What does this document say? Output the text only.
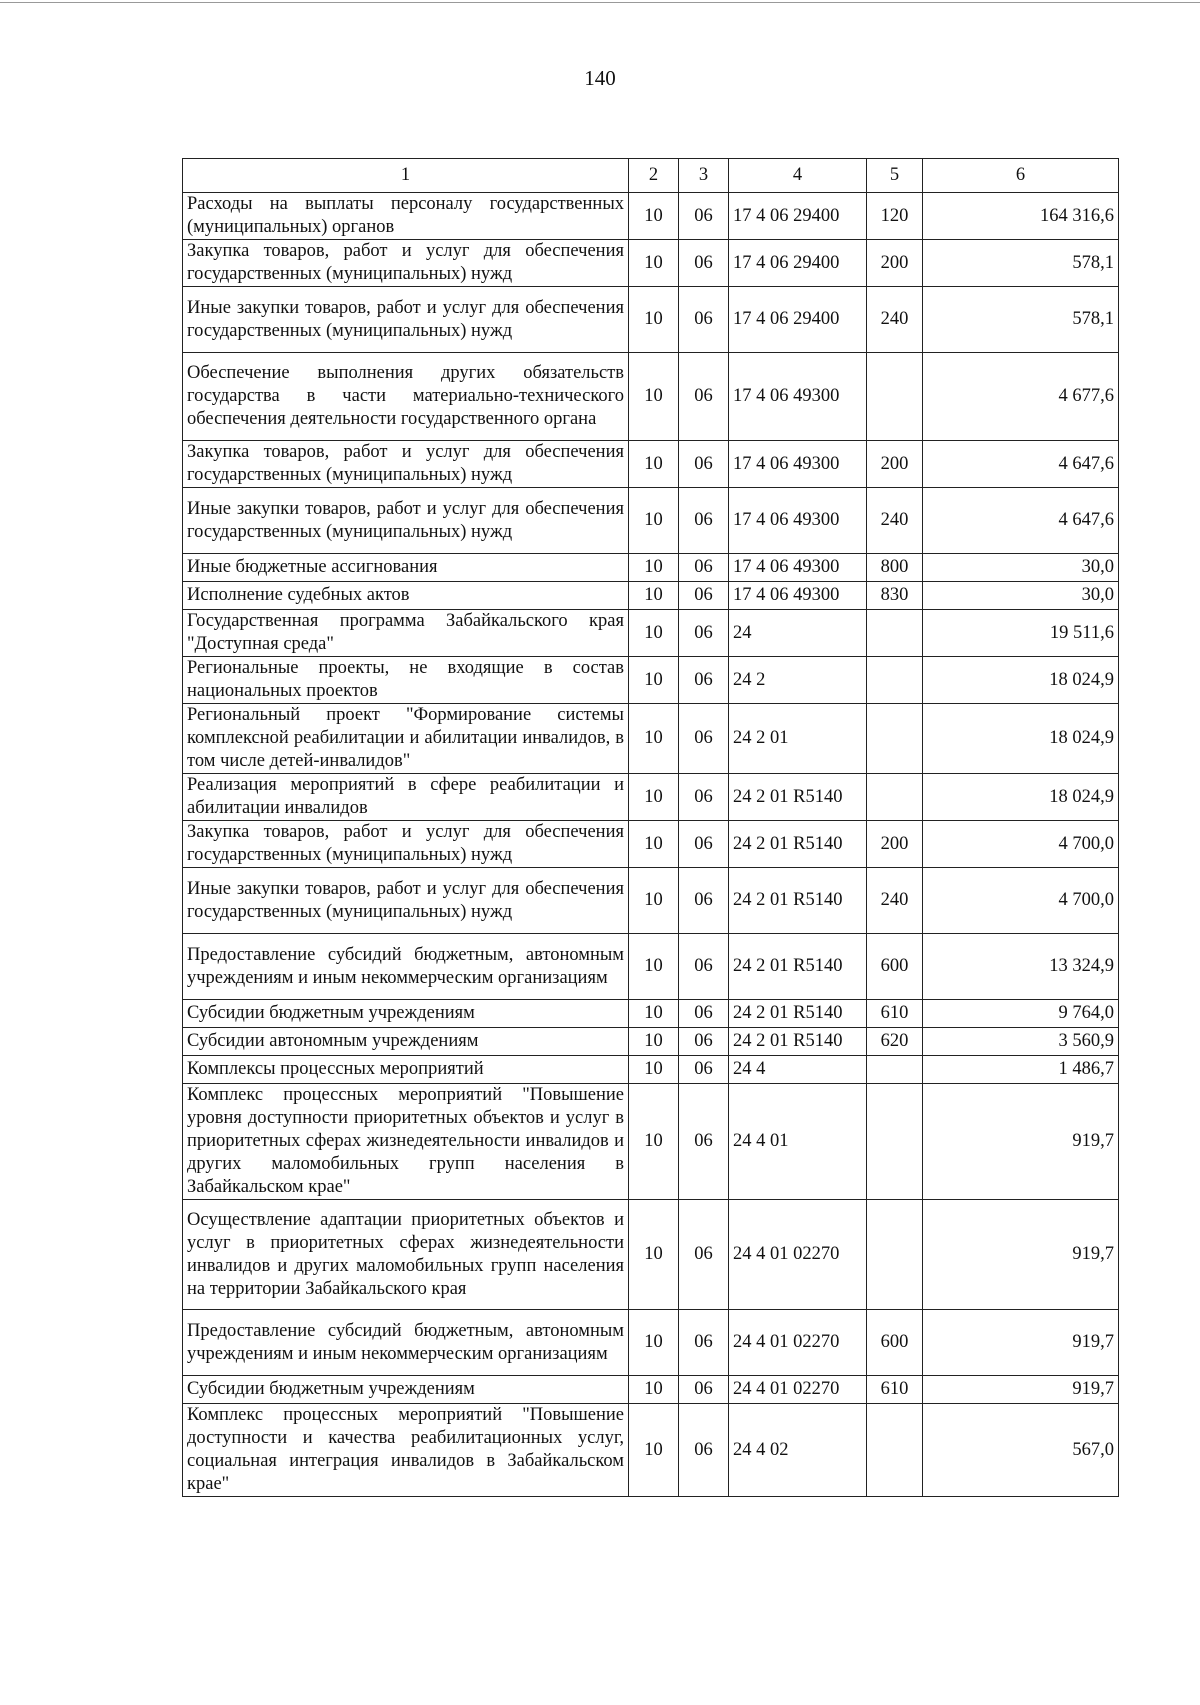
140
1	2	3	4	5	6
Расходы на выплаты персоналу государственных (муниципальных) органов	10	06	17 4 06 29400	120	164 316,6
Закупка товаров, работ и услуг для обеспечения государственных (муниципальных) нужд	10	06	17 4 06 29400	200	578,1
Иные закупки товаров, работ и услуг для обеспечения государственных (муниципальных) нужд	10	06	17 4 06 29400	240	578,1
Обеспечение выполнения других обязательств государства в части материально-технического обеспечения деятельности государственного органа	10	06	17 4 06 49300		4 677,6
Закупка товаров, работ и услуг для обеспечения государственных (муниципальных) нужд	10	06	17 4 06 49300	200	4 647,6
Иные закупки товаров, работ и услуг для обеспечения государственных (муниципальных) нужд	10	06	17 4 06 49300	240	4 647,6
Иные бюджетные ассигнования	10	06	17 4 06 49300	800	30,0
Исполнение судебных актов	10	06	17 4 06 49300	830	30,0
Государственная программа Забайкальского края "Доступная среда"	10	06	24		19 511,6
Региональные проекты, не входящие в состав национальных проектов	10	06	24 2		18 024,9
Региональный проект "Формирование системы комплексной реабилитации и абилитации инвалидов, в том числе детей-инвалидов"	10	06	24 2 01		18 024,9
Реализация мероприятий в сфере реабилитации и абилитации инвалидов	10	06	24 2 01 R5140		18 024,9
Закупка товаров, работ и услуг для обеспечения государственных (муниципальных) нужд	10	06	24 2 01 R5140	200	4 700,0
Иные закупки товаров, работ и услуг для обеспечения государственных (муниципальных) нужд	10	06	24 2 01 R5140	240	4 700,0
Предоставление субсидий бюджетным, автономным учреждениям и иным некоммерческим организациям	10	06	24 2 01 R5140	600	13 324,9
Субсидии бюджетным учреждениям	10	06	24 2 01 R5140	610	9 764,0
Субсидии автономным учреждениям	10	06	24 2 01 R5140	620	3 560,9
Комплексы процессных мероприятий	10	06	24 4		1 486,7
Комплекс процессных мероприятий "Повышение уровня доступности приоритетных объектов и услуг в приоритетных сферах жизнедеятельности инвалидов и других маломобильных групп населения в Забайкальском крае"	10	06	24 4 01		919,7
Осуществление адаптации приоритетных объектов и услуг в приоритетных сферах жизнедеятельности инвалидов и других маломобильных групп населения на территории Забайкальского края	10	06	24 4 01 02270		919,7
Предоставление субсидий бюджетным, автономным учреждениям и иным некоммерческим организациям	10	06	24 4 01 02270	600	919,7
Субсидии бюджетным учреждениям	10	06	24 4 01 02270	610	919,7
Комплекс процессных мероприятий "Повышение доступности и качества реабилитационных услуг, социальная интеграция инвалидов в Забайкальском крае"	10	06	24 4 02		567,0
